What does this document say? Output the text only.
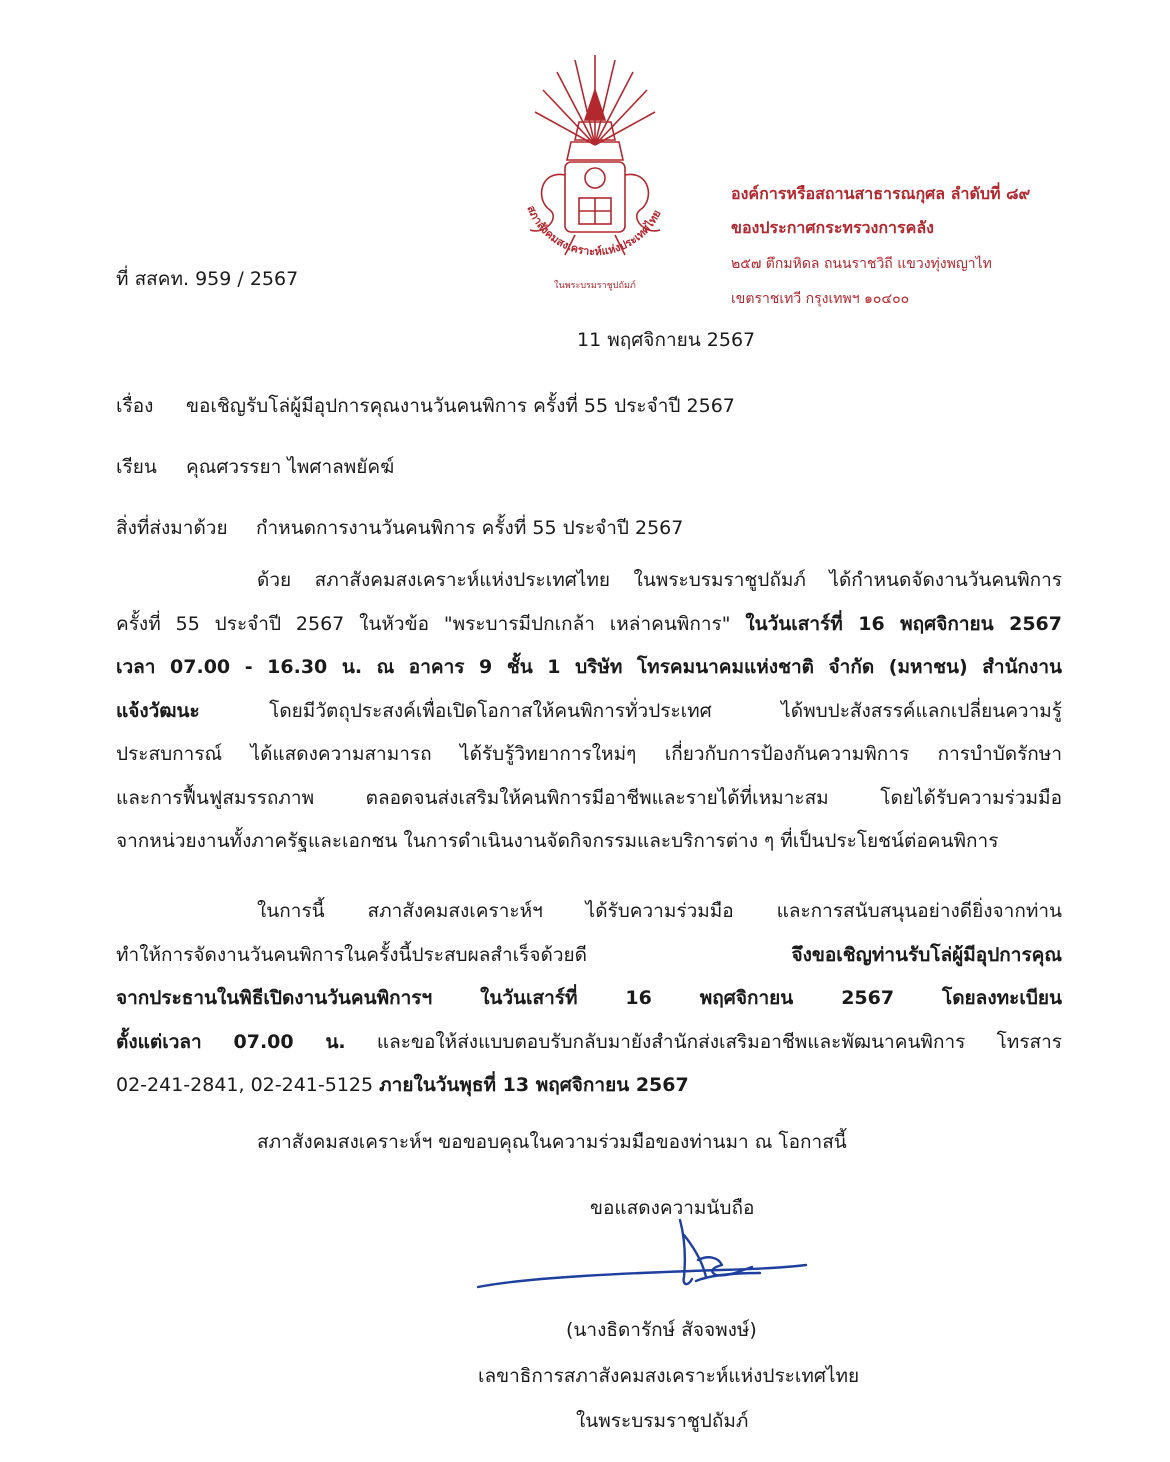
สภาสังคมสงเคราะห์แห่งประเทศไทย
ในพระบรมราชูปถัมภ์
องค์การหรือสถานสาธารณกุศล ลำดับที่ ๘๙
ของประกาศกระทรวงการคลัง
๒๕๗ ตึกมหิดล ถนนราชวิถี แขวงทุ่งพญาไท
เขตราชเทวี กรุงเทพฯ ๑๐๔๐๐
ที่ สสคท. 959 / 2567
11 พฤศจิกายน 2567
เรื่อง ขอเชิญรับโล่ผู้มีอุปการคุณงานวันคนพิการ ครั้งที่ 55 ประจำปี 2567
เรียน คุณศวรรยา ไพศาลพยัคฆ์
สิ่งที่ส่งมาด้วย กำหนดการงานวันคนพิการ ครั้งที่ 55 ประจำปี 2567
ด้วย สภาสังคมสงเคราะห์แห่งประเทศไทย ในพระบรมราชูปถัมภ์ ได้กำหนดจัดงานวันคนพิการ
ครั้งที่ 55 ประจำปี 2567 ในหัวข้อ "พระบารมีปกเกล้า เหล่าคนพิการ" ในวันเสาร์ที่ 16 พฤศจิกายน 2567
เวลา 07.00 - 16.30 น. ณ อาคาร 9 ชั้น 1 บริษัท โทรคมนาคมแห่งชาติ จำกัด (มหาชน) สำนักงาน
แจ้งวัฒนะ โดยมีวัตถุประสงค์เพื่อเปิดโอกาสให้คนพิการทั่วประเทศ ได้พบปะสังสรรค์แลกเปลี่ยนความรู้
ประสบการณ์ ได้แสดงความสามารถ ได้รับรู้วิทยาการใหม่ๆ เกี่ยวกับการป้องกันความพิการ การบำบัดรักษา
และการฟื้นฟูสมรรถภาพ ตลอดจนส่งเสริมให้คนพิการมีอาชีพและรายได้ที่เหมาะสม โดยได้รับความร่วมมือ
จากหน่วยงานทั้งภาครัฐและเอกชน ในการดำเนินงานจัดกิจกรรมและบริการต่าง ๆ ที่เป็นประโยชน์ต่อคนพิการ
ในการนี้ สภาสังคมสงเคราะห์ฯ ได้รับความร่วมมือ และการสนับสนุนอย่างดียิ่งจากท่าน
ทำให้การจัดงานวันคนพิการในครั้งนี้ประสบผลสำเร็จด้วยดี จึงขอเชิญท่านรับโล่ผู้มีอุปการคุณ
จากประธานในพิธีเปิดงานวันคนพิการฯ ในวันเสาร์ที่ 16 พฤศจิกายน 2567 โดยลงทะเบียน
ตั้งแต่เวลา 07.00 น. และขอให้ส่งแบบตอบรับกลับมายังสำนักส่งเสริมอาชีพและพัฒนาคนพิการ โทรสาร
02-241-2841, 02-241-5125 ภายในวันพุธที่ 13 พฤศจิกายน 2567
สภาสังคมสงเคราะห์ฯ ขอขอบคุณในความร่วมมือของท่านมา ณ โอกาสนี้
ขอแสดงความนับถือ
(นางธิดารักษ์ สัจจพงษ์)
เลขาธิการสภาสังคมสงเคราะห์แห่งประเทศไทย
ในพระบรมราชูปถัมภ์
